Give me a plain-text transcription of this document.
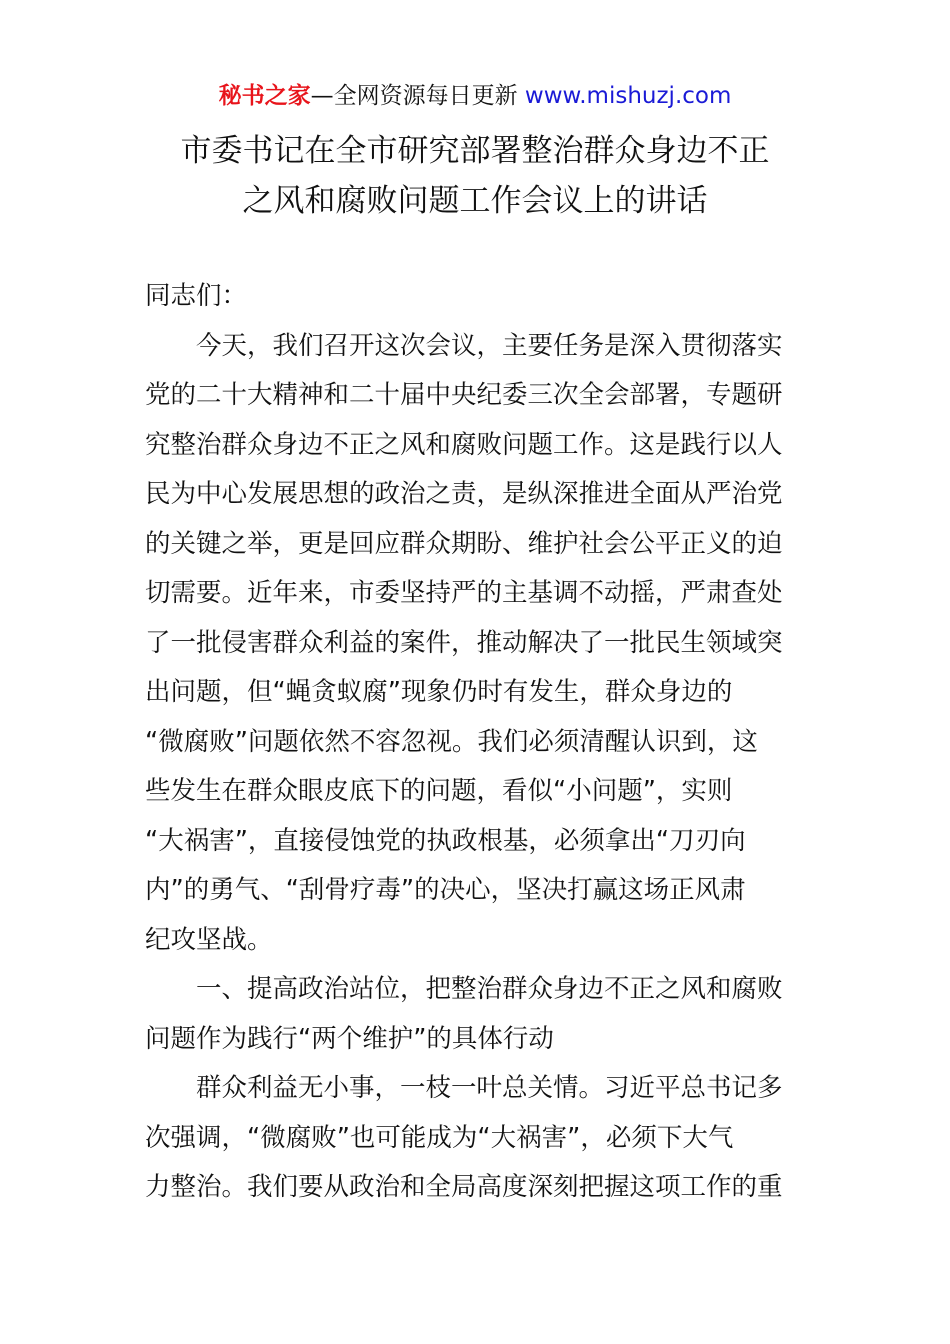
秘书之家—全网资源每日更新 www.mishuzj.com
市委书记在全市研究部署整治群众身边不正
之风和腐败问题工作会议上的讲话
同志们：
今天，我们召开这次会议，主要任务是深入贯彻落实
党的二十大精神和二十届中央纪委三次全会部署，专题研
究整治群众身边不正之风和腐败问题工作。这是践行以人
民为中心发展思想的政治之责，是纵深推进全面从严治党
的关键之举，更是回应群众期盼、维护社会公平正义的迫
切需要。近年来，市委坚持严的主基调不动摇，严肃查处
了一批侵害群众利益的案件，推动解决了一批民生领域突
出问题，但“蝇贪蚁腐”现象仍时有发生，群众身边的
“微腐败”问题依然不容忽视。我们必须清醒认识到，这
些发生在群众眼皮底下的问题，看似“小问题”，实则
“大祸害”，直接侵蚀党的执政根基，必须拿出“刀刃向
内”的勇气、“刮骨疗毒”的决心，坚决打赢这场正风肃
纪攻坚战。
一、提高政治站位，把整治群众身边不正之风和腐败
问题作为践行“两个维护”的具体行动
群众利益无小事，一枝一叶总关情。习近平总书记多
次强调，“微腐败”也可能成为“大祸害”，必须下大气
力整治。我们要从政治和全局高度深刻把握这项工作的重
